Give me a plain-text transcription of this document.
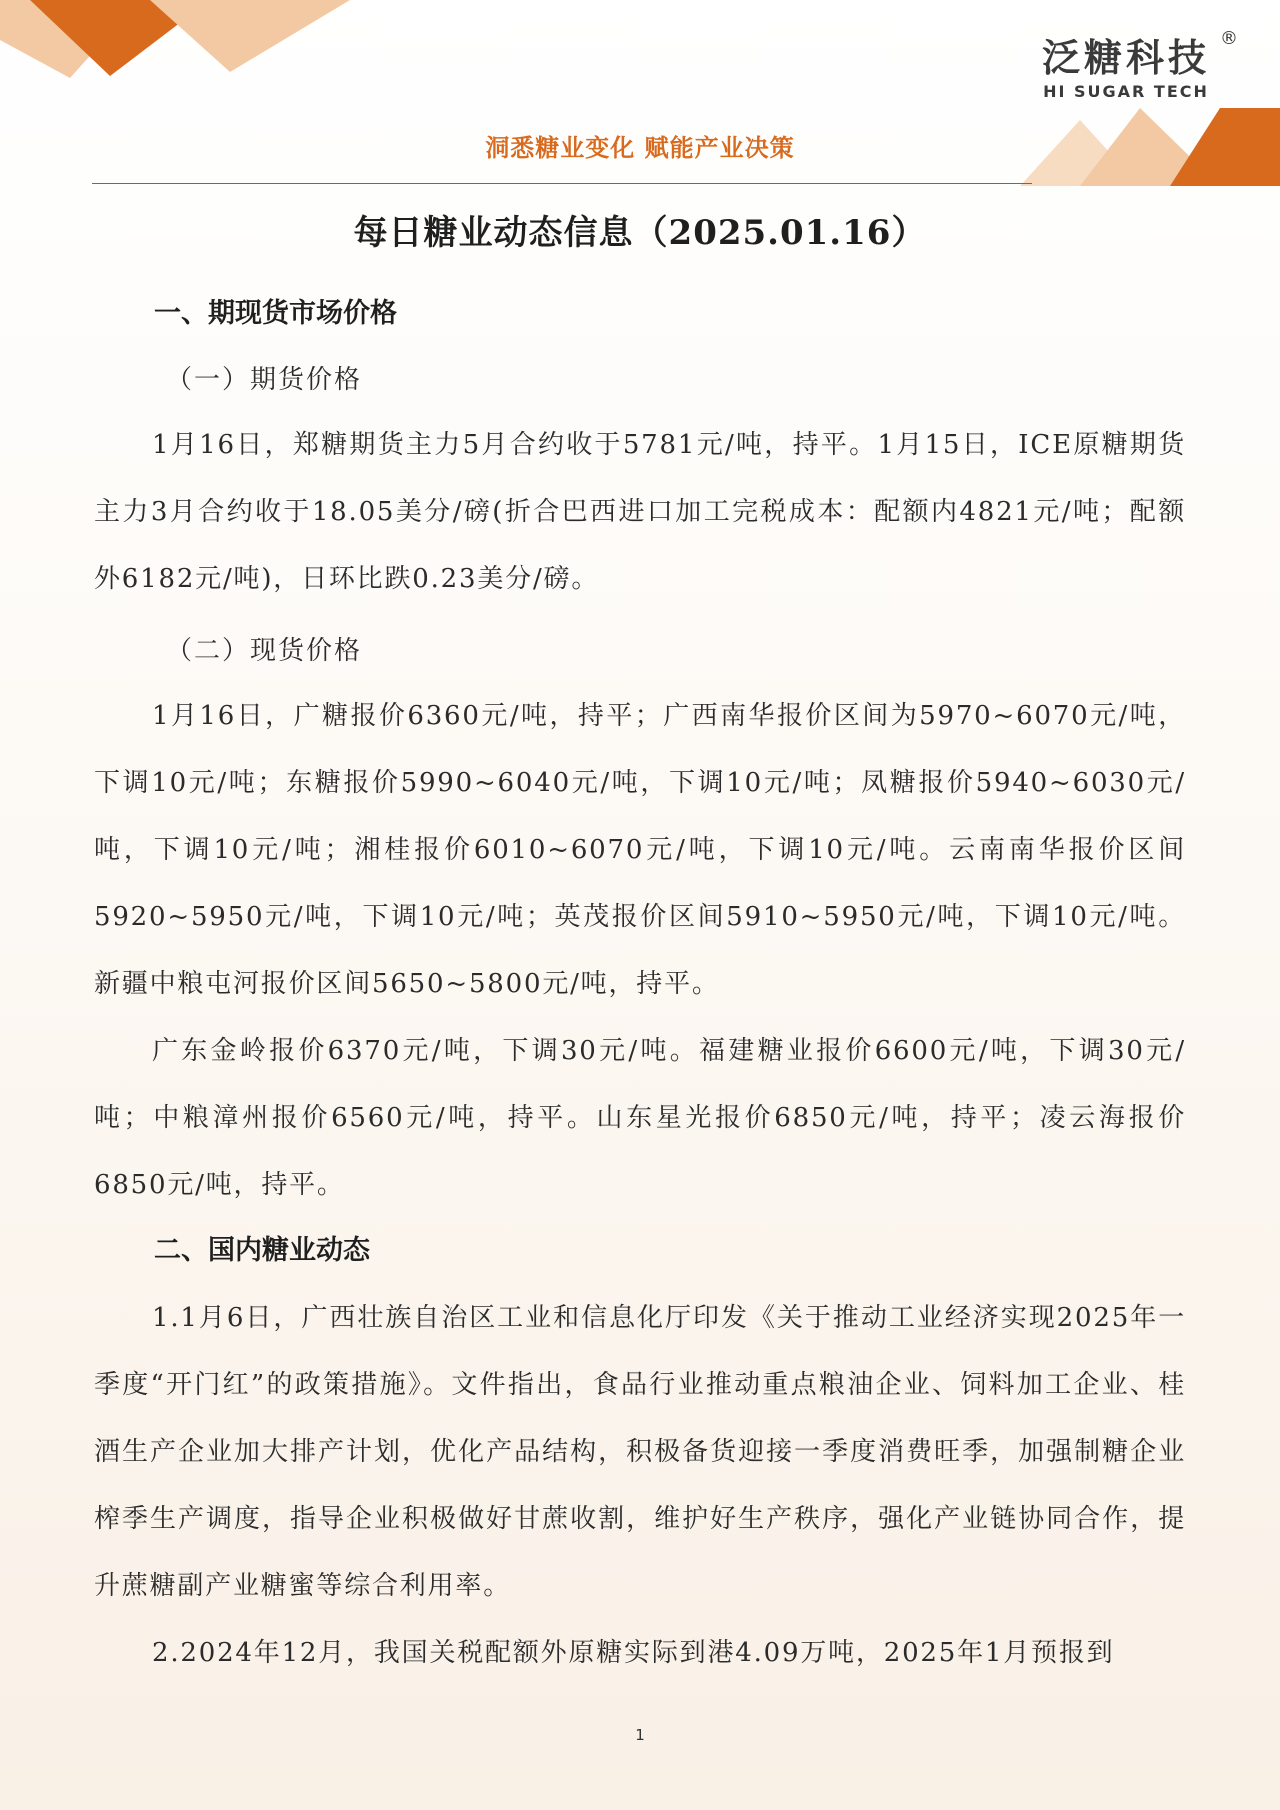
泛糖科技 ®
HI SUGAR TECH
洞悉糖业变化 赋能产业决策
每日糖业动态信息（2025.01.16）
一、期现货市场价格
（一）期货价格
1月16日，郑糖期货主力5月合约收于5781元/吨，持平。1月15日，ICE原糖期货主力3月合约收于18.05美分/磅(折合巴西进口加工完税成本：配额内4821元/吨；配额外6182元/吨)，日环比跌0.23美分/磅。
（二）现货价格
1月16日，广糖报价6360元/吨，持平；广西南华报价区间为5970~6070元/吨，下调10元/吨；东糖报价5990~6040元/吨，下调10元/吨；凤糖报价5940~6030元/吨，下调10元/吨；湘桂报价6010~6070元/吨，下调10元/吨。云南南华报价区间5920~5950元/吨，下调10元/吨；英茂报价区间5910~5950元/吨，下调10元/吨。新疆中粮屯河报价区间5650~5800元/吨，持平。
广东金岭报价6370元/吨，下调30元/吨。福建糖业报价6600元/吨，下调30元/吨；中粮漳州报价6560元/吨，持平。山东星光报价6850元/吨，持平；凌云海报价6850元/吨，持平。
二、国内糖业动态
1.1月6日，广西壮族自治区工业和信息化厅印发《关于推动工业经济实现2025年一季度“开门红”的政策措施》。文件指出，食品行业推动重点粮油企业、饲料加工企业、桂酒生产企业加大排产计划，优化产品结构，积极备货迎接一季度消费旺季，加强制糖企业榨季生产调度，指导企业积极做好甘蔗收割，维护好生产秩序，强化产业链协同合作，提升蔗糖副产业糖蜜等综合利用率。
2.2024年12月，我国关税配额外原糖实际到港4.09万吨，2025年1月预报到
1
